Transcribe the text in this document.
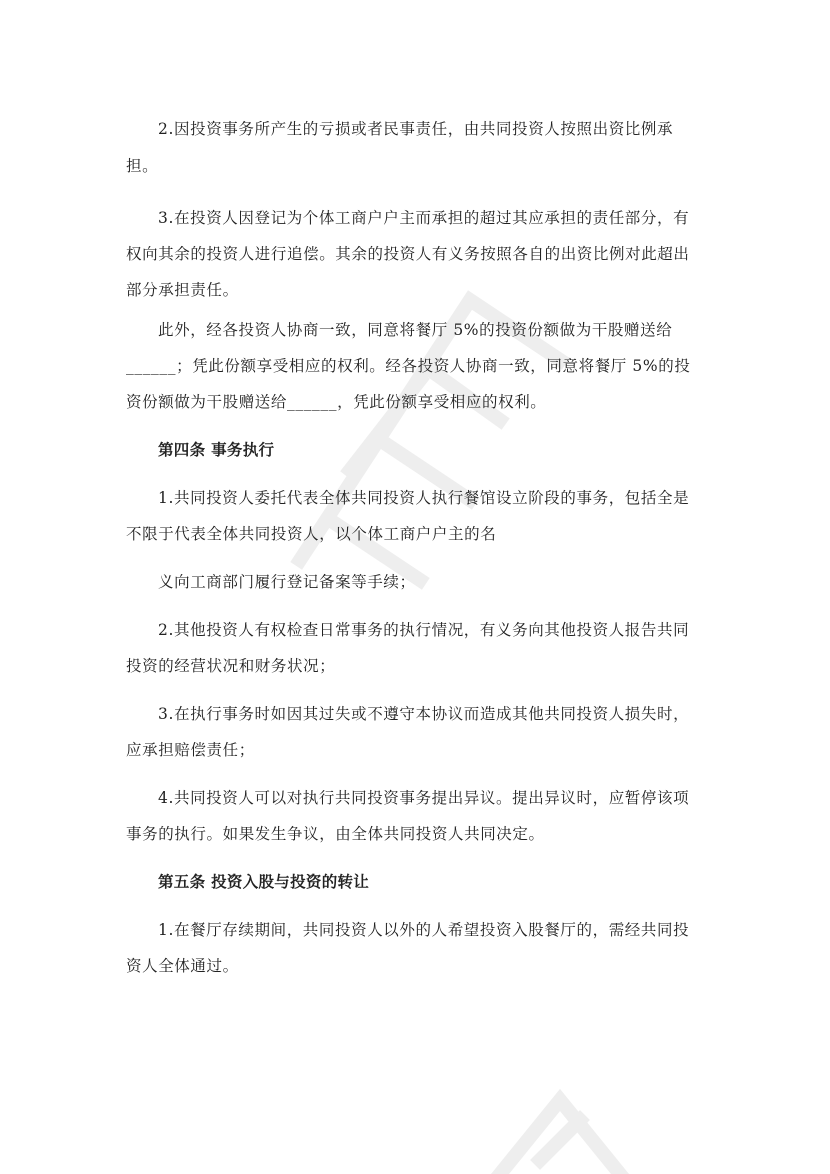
2.因投资事务所产生的亏损或者民事责任，由共同投资人按照出资比例承
担。
3.在投资人因登记为个体工商户户主而承担的超过其应承担的责任部分，有
权向其余的投资人进行追偿。其余的投资人有义务按照各自的出资比例对此超出
部分承担责任。
此外，经各投资人协商一致，同意将餐厅 5%的投资份额做为干股赠送给
______；凭此份额享受相应的权利。经各投资人协商一致，同意将餐厅 5%的投
资份额做为干股赠送给______，凭此份额享受相应的权利。
第四条 事务执行
1.共同投资人委托代表全体共同投资人执行餐馆设立阶段的事务，包括全是
不限于代表全体共同投资人，以个体工商户户主的名
义向工商部门履行登记备案等手续；
2.其他投资人有权检查日常事务的执行情况，有义务向其他投资人报告共同
投资的经营状况和财务状况；
3.在执行事务时如因其过失或不遵守本协议而造成其他共同投资人损失时，
应承担赔偿责任；
4.共同投资人可以对执行共同投资事务提出异议。提出异议时，应暂停该项
事务的执行。如果发生争议，由全体共同投资人共同决定。
第五条 投资入股与投资的转让
1.在餐厅存续期间，共同投资人以外的人希望投资入股餐厅的，需经共同投
资人全体通过。
